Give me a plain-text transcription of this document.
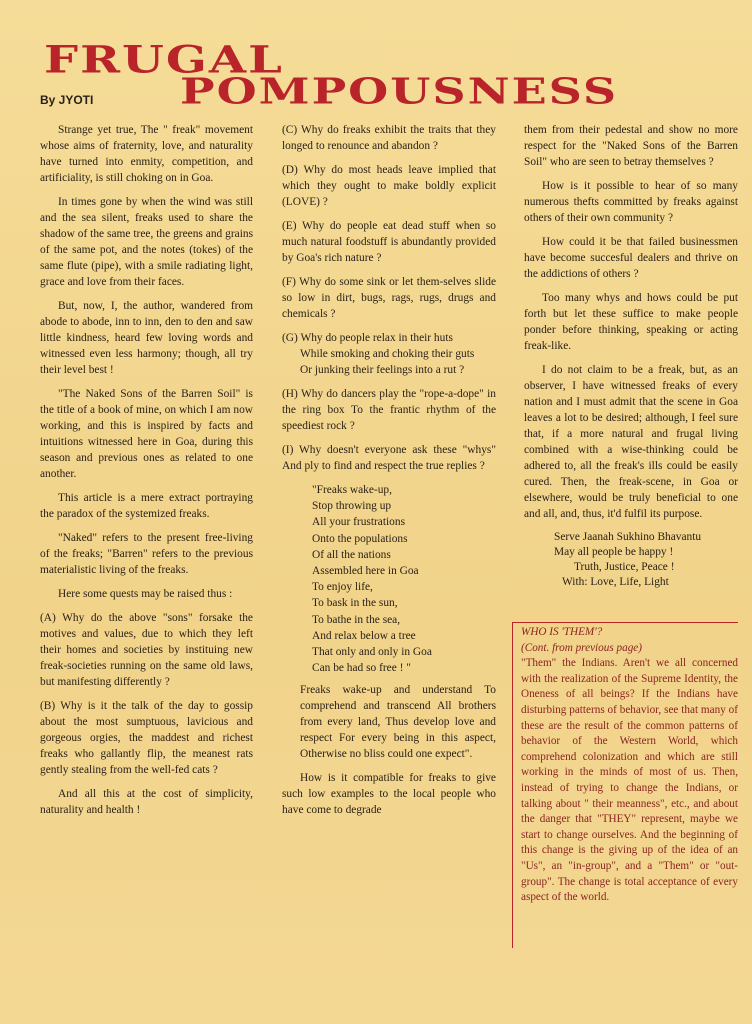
FRUGAL
POMPOUSNESS
By JYOTI

Strange yet true, The " freak" movement whose aims of fraternity, love, and naturality have turned into enmity, competition, and artificiality, is still choking on in Goa.

In times gone by when the wind was still and the sea silent, freaks used to share the shadow of the same tree, the greens and grains of the same pot, and the notes (tokes) of the same flute (pipe), with a smile radiating light, grace and love from their faces.

But, now, I, the author, wandered from abode to abode, inn to inn, den to den and saw little kindness, heard few loving words and witnessed even less harmony; though, all try their level best !

"The Naked Sons of the Barren Soil" is the title of a book of mine, on which I am now working, and this is inspired by facts and intuitions witnessed here in Goa, during this season and previous ones as related to one another.

This article is a mere extract portraying the paradox of the systemized freaks.

"Naked" refers to the present free-living of the freaks; "Barren" refers to the previous materialistic living of the freaks.

Here some quests may be raised thus :

(A) Why do the above "sons" forsake the motives and values, due to which they left their homes and societies by instituing new freak-societies running on the same old laws, but manifesting differently ?

(B) Why is it the talk of the day to gossip about the most sumptuous, lavicious and gorgeous orgies, the maddest and richest freaks who gallantly flip, the meanest rats gently stealing from the well-fed cats ?

And all this at the cost of simplicity, naturality and health !

(C) Why do freaks exhibit the traits that they longed to renounce and abandon ?

(D) Why do most heads leave implied that which they ought to make boldly explicit (LOVE) ?

(E) Why do people eat dead stuff when so much natural foodstuff is abundantly provided by Goa's rich nature ?

(F) Why do some sink or let them-selves slide so low in dirt, bugs, rags, rugs, drugs and chemicals ?

(G) Why do people relax in their huts
While smoking and choking their guts
Or junking their feelings into a rut ?

(H) Why do dancers play the "rope-a-dope" in the ring box To the frantic rhythm of the speediest rock ?

(I) Why doesn't everyone ask these "whys" And ply to find and respect the true replies ?

"Freaks wake-up,
Stop throwing up
All your frustrations
Onto the populations
Of all the nations
Assembled here in Goa
To enjoy life,
To bask in the sun,
To bathe in the sea,
And relax below a tree
That only and only in Goa
Can be had so free ! "

Freaks wake-up and understand To comprehend and transcend All brothers from every land, Thus develop love and respect For every being in this aspect, Otherwise no bliss could one expect".

How is it compatible for freaks to give such low examples to the local people who have come to degrade

them from their pedestal and show no more respect for the "Naked Sons of the Barren Soil" who are seen to betray themselves ?

How is it possible to hear of so many numerous thefts committed by freaks against others of their own community ?

How could it be that failed businessmen have become succesful dealers and thrive on the addictions of others ?

Too many whys and hows could be put forth but let these suffice to make people ponder before thinking, speaking or acting freak-like.

I do not claim to be a freak, but, as an observer, I have witnessed freaks of every nation and I must admit that the scene in Goa leaves a lot to be desired; although, I feel sure that, if a more natural and frugal living combined with a wise-thinking could be adhered to, all the freak's ills could be easily cured. Then, the freak-scene, in Goa or elsewhere, would be truly beneficial to one and all, and, thus, it'd fulfil its purpose.

Serve Jaanah Sukhino Bhavantu
May all people be happy !
Truth, Justice, Peace !
With: Love, Life, Light
WHO IS 'THEM'?
(Cont. from previous page)

"Them" the Indians. Aren't we all concerned with the realization of the Supreme Identity, the Oneness of all beings? If the Indians have disturbing patterns of behavior, see that many of these are the result of the common patterns of behavior of the Western World, which comprehend colonization and which are still working in the minds of most of us. Then, instead of trying to change the Indians, or talking about " their meanness", etc., and about the danger that "THEY" represent, maybe we start to change ourselves. And the beginning of this change is the giving up of the idea of an "Us", an "in-group", and a "Them" or "out-group". The change is total acceptance of every aspect of the world.
